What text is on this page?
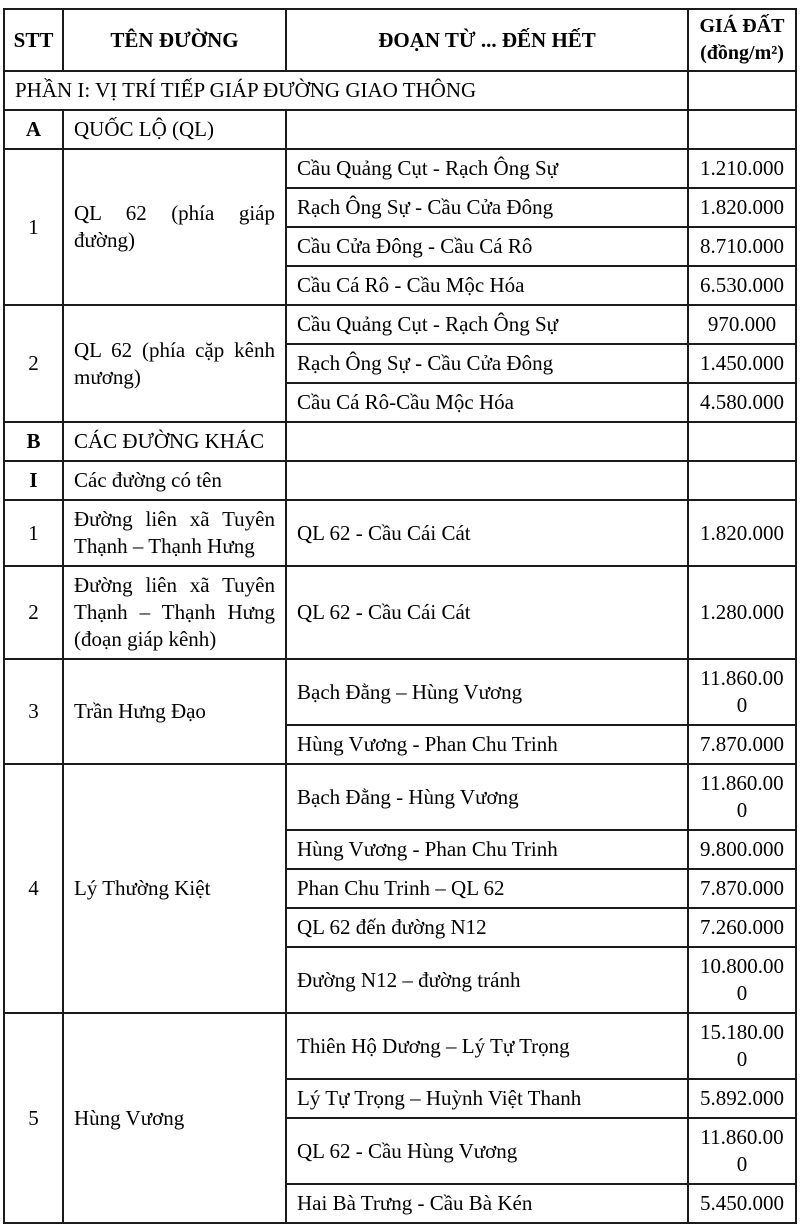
STT	TÊN ĐƯỜNG	ĐOẠN TỪ ... ĐẾN HẾT	GIÁ ĐẤT (đồng/m²)
PHẦN I: VỊ TRÍ TIẾP GIÁP ĐƯỜNG GIAO THÔNG			
A	QUỐC LỘ (QL)		
1	QL 62 (phía giáp đường)	Cầu Quảng Cụt - Rạch Ông Sự	1.210.000
		Rạch Ông Sự - Cầu Cửa Đông	1.820.000
		Cầu Cửa Đông - Cầu Cá Rô	8.710.000
		Cầu Cá Rô - Cầu Mộc Hóa	6.530.000
2	QL 62 (phía cặp kênh mương)	Cầu Quảng Cụt - Rạch Ông Sự	970.000
		Rạch Ông Sự - Cầu Cửa Đông	1.450.000
		Cầu Cá Rô-Cầu Mộc Hóa	4.580.000
B	CÁC ĐƯỜNG KHÁC		
I	Các đường có tên		
1	Đường liên xã Tuyên Thạnh – Thạnh Hưng	QL 62 - Cầu Cái Cát	1.820.000
2	Đường liên xã Tuyên Thạnh – Thạnh Hưng (đoạn giáp kênh)	QL 62 - Cầu Cái Cát	1.280.000
3	Trần Hưng Đạo	Bạch Đằng – Hùng Vương	11.860.000
		Hùng Vương - Phan Chu Trinh	7.870.000
4	Lý Thường Kiệt	Bạch Đằng - Hùng Vương	11.860.000
		Hùng Vương - Phan Chu Trinh	9.800.000
		Phan Chu Trinh – QL 62	7.870.000
		QL 62 đến đường N12	7.260.000
		Đường N12 – đường tránh	10.800.000
5	Hùng Vương	Thiên Hộ Dương – Lý Tự Trọng	15.180.000
		Lý Tự Trọng – Huỳnh Việt Thanh	5.892.000
		QL 62 - Cầu Hùng Vương	11.860.000
		Hai Bà Trưng - Cầu Bà Kén	5.450.000
